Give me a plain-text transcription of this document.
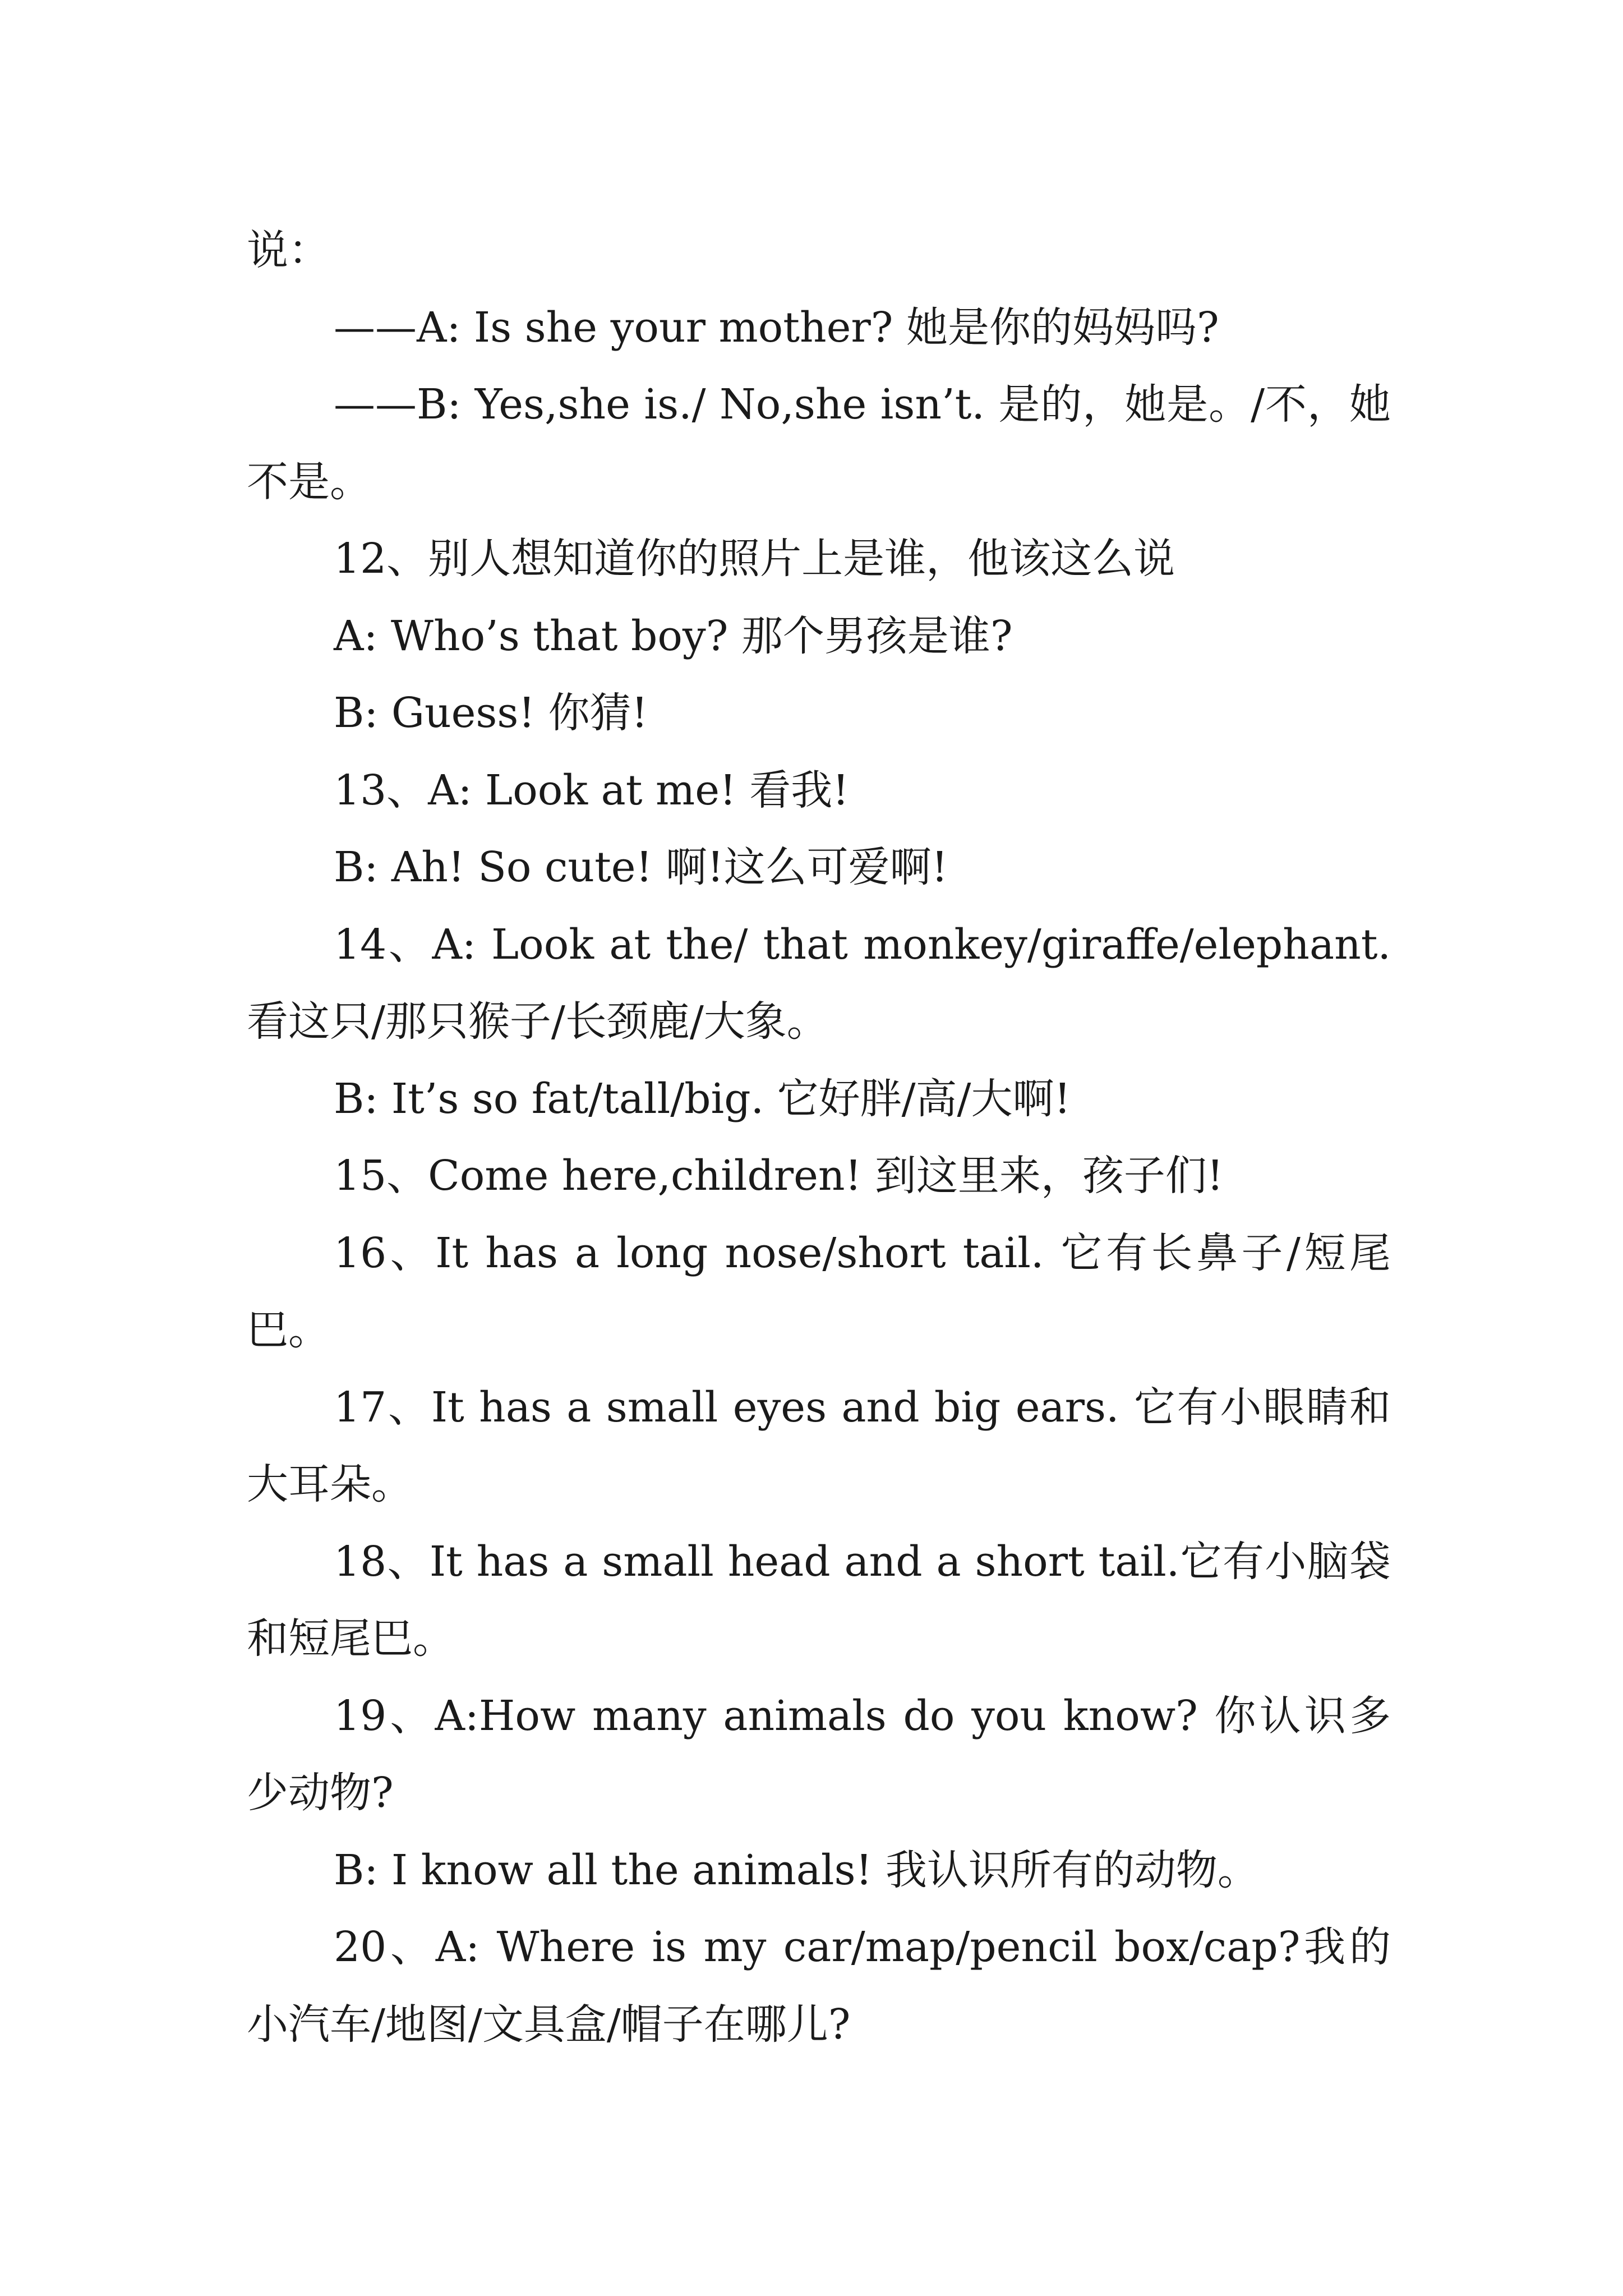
说：

——A: Is she your mother? 她是你的妈妈吗?

——B: Yes,she is./ No,she isn’t. 是的，她是。/不，她不是。

12、别人想知道你的照片上是谁，他该这么说

A: Who’s that boy? 那个男孩是谁?

B: Guess! 你猜!

13、A: Look at me! 看我!

B: Ah! So cute! 啊!这么可爱啊!

14、A: Look at the/ that monkey/giraffe/elephant. 看这只/那只猴子/长颈鹿/大象。

B: It’s so fat/tall/big. 它好胖/高/大啊!

15、Come here,children! 到这里来，孩子们!

16、It has a long nose/short tail. 它有长鼻子/短尾巴。

17、It has a small eyes and big ears. 它有小眼睛和大耳朵。

18、It has a small head and a short tail.它有小脑袋和短尾巴。

19、A:How many animals do you know? 你认识多少动物?

B: I know all the animals! 我认识所有的动物。

20、A: Where is my car/map/pencil box/cap?我的小汽车/地图/文具盒/帽子在哪儿?
